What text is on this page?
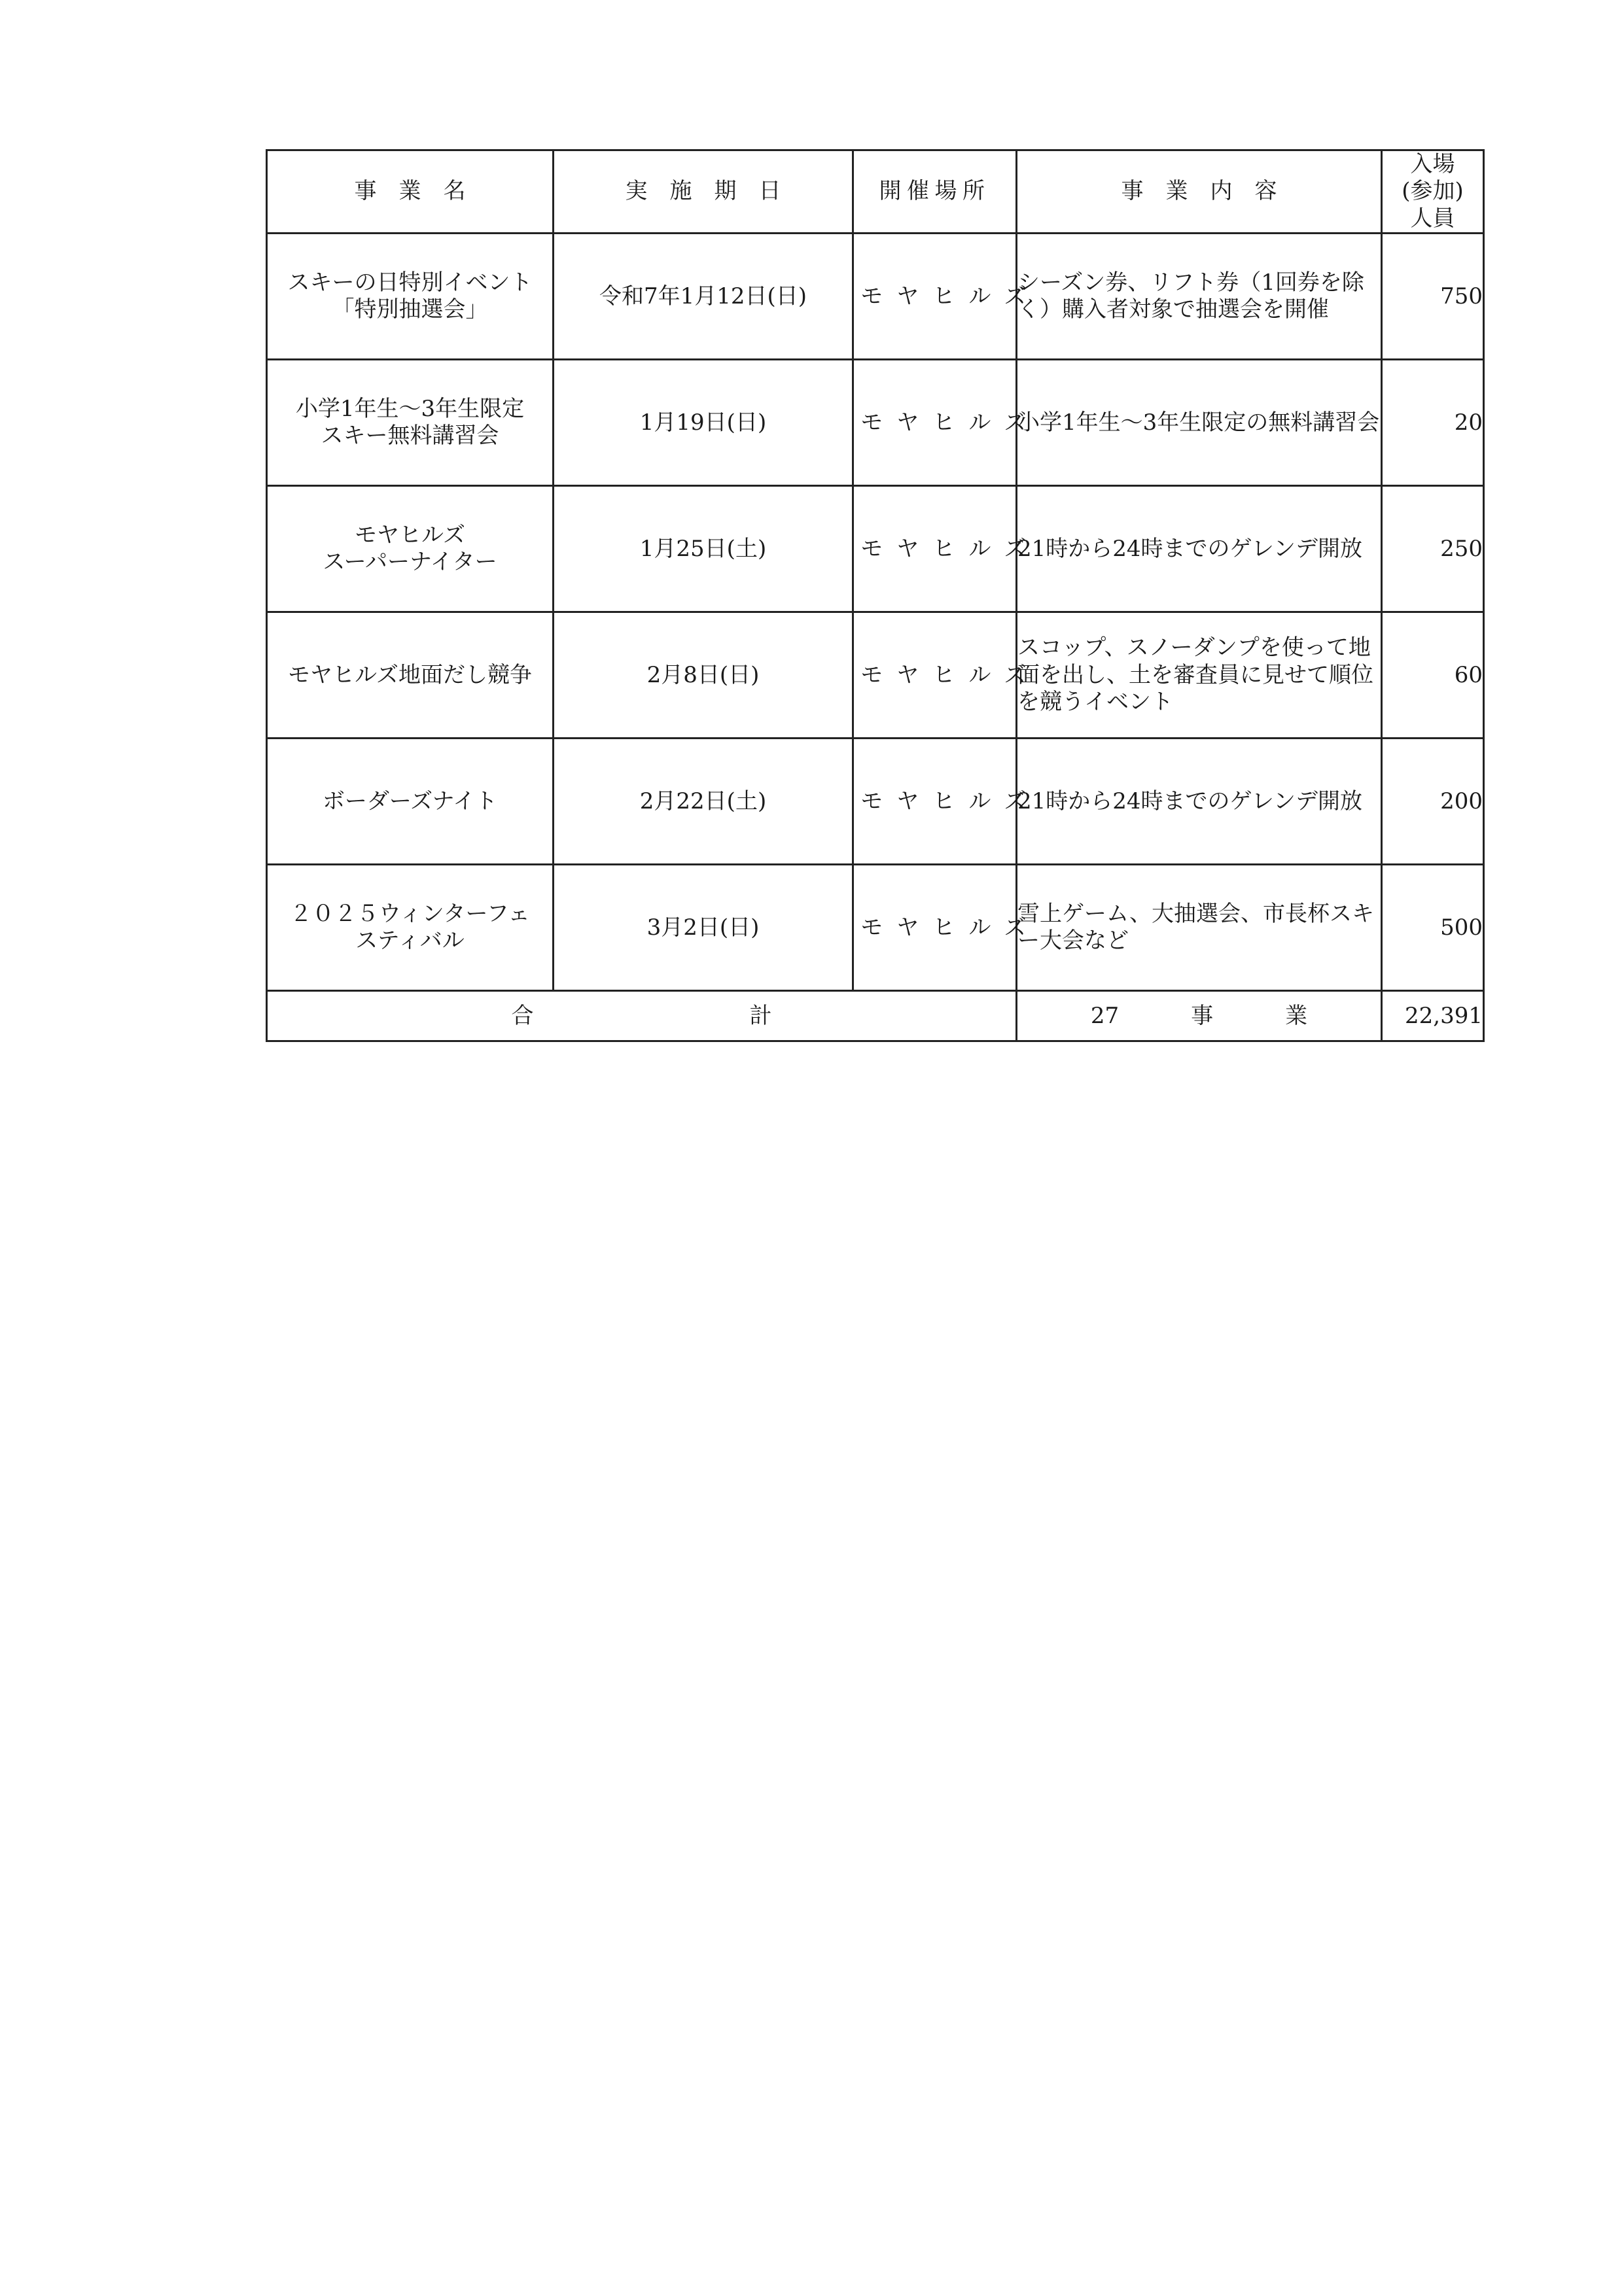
事　業　名	実　施　期　日	開催場所	事　業　内　容	入場
(参加)
人員
スキーの日特別イベント
「特別抽選会」	令和7年1月12日(日)	モヤヒルズ	シーズン券、リフト券（1回券を除く）購入者対象で抽選会を開催	750
小学1年生～3年生限定
スキー無料講習会	1月19日(日)	モヤヒルズ	小学1年生～3年生限定の無料講習会	20
モヤヒルズ
スーパーナイター	1月25日(土)	モヤヒルズ	21時から24時までのゲレンデ開放	250
モヤヒルズ地面だし競争	2月8日(日)	モヤヒルズ	スコップ、スノーダンプを使って地面を出し、土を審査員に見せて順位を競うイベント	60
ボーダーズナイト	2月22日(土)	モヤヒルズ	21時から24時までのゲレンデ開放	200
２０２５ウィンターフェ
スティバル	3月2日(日)	モヤヒルズ	雪上ゲーム、大抽選会、市長杯スキー大会など	500
合 計			27 事 業	22,391
